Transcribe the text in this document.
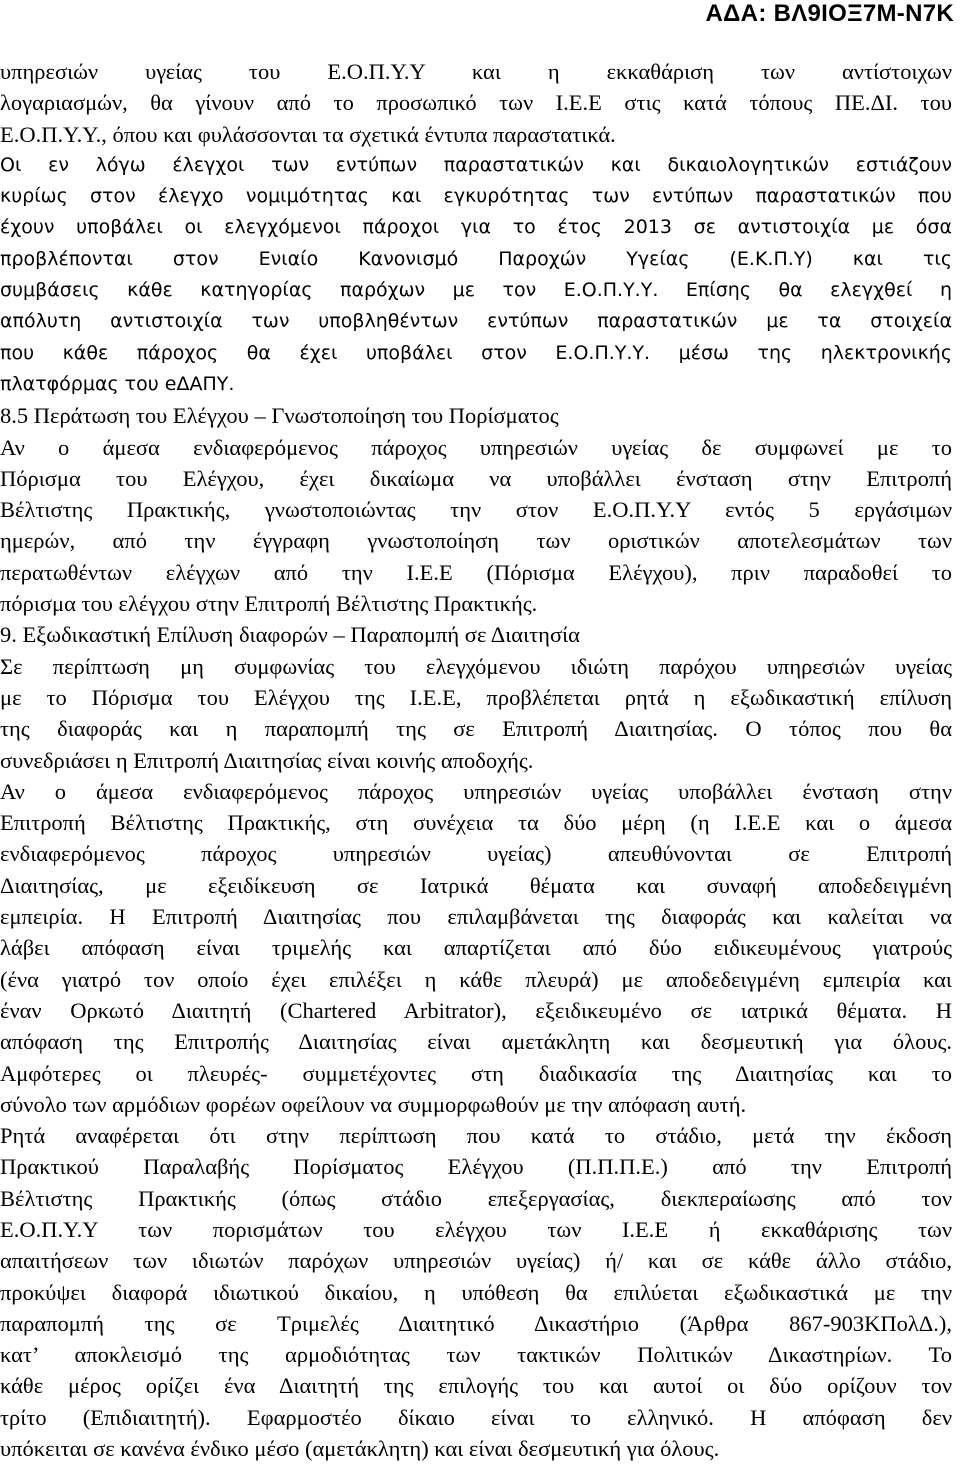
ΑΔΑ: ΒΛ9ΙΟΞ7Μ-Ν7Κ
υπηρεσιών υγείας του Ε.Ο.Π.Υ.Υ και η εκκαθάριση των αντίστοιχων
λογαριασμών, θα γίνουν από το προσωπικό των Ι.Ε.Ε στις κατά τόπους ΠΕ.ΔΙ. του
Ε.Ο.Π.Υ.Υ., όπου και φυλάσσονται τα σχετικά έντυπα παραστατικά.
Οι εν λόγω έλεγχοι των εντύπων παραστατικών και δικαιολογητικών εστιάζουν
κυρίως στον έλεγχο νομιμότητας και εγκυρότητας των εντύπων παραστατικών που
έχουν υποβάλει οι ελεγχόμενοι πάροχοι για το έτος 2013 σε αντιστοιχία με όσα
προβλέπονται στον Ενιαίο Κανονισμό Παροχών Υγείας (Ε.Κ.Π.Υ) και τις
συμβάσεις κάθε κατηγορίας παρόχων με τον Ε.Ο.Π.Υ.Υ. Επίσης θα ελεγχθεί η
απόλυτη αντιστοιχία των υποβληθέντων εντύπων παραστατικών με τα στοιχεία
που κάθε πάροχος θα έχει υποβάλει στον Ε.Ο.Π.Υ.Υ. μέσω της ηλεκτρονικής
πλατφόρμας του eΔΑΠΥ.
8.5 Περάτωση του Ελέγχου – Γνωστοποίηση του Πορίσματος
Αν ο άμεσα ενδιαφερόμενος πάροχος υπηρεσιών υγείας δε συμφωνεί με το
Πόρισμα του Ελέγχου, έχει δικαίωμα να υποβάλλει ένσταση στην Επιτροπή
Βέλτιστης Πρακτικής, γνωστοποιώντας την στον Ε.Ο.Π.Υ.Υ εντός 5 εργάσιμων
ημερών, από την έγγραφη γνωστοποίηση των οριστικών αποτελεσμάτων των
περατωθέντων ελέγχων από την Ι.Ε.Ε (Πόρισμα Ελέγχου), πριν παραδοθεί το
πόρισμα του ελέγχου στην Επιτροπή Βέλτιστης Πρακτικής.
9. Εξωδικαστική Επίλυση διαφορών – Παραπομπή σε Διαιτησία
Σε περίπτωση μη συμφωνίας του ελεγχόμενου ιδιώτη παρόχου υπηρεσιών υγείας
με το Πόρισμα του Ελέγχου της Ι.Ε.Ε, προβλέπεται ρητά η εξωδικαστική επίλυση
της διαφοράς και η παραπομπή της σε Επιτροπή Διαιτησίας. Ο τόπος που θα
συνεδριάσει η Επιτροπή Διαιτησίας είναι κοινής αποδοχής.
Αν ο άμεσα ενδιαφερόμενος πάροχος υπηρεσιών υγείας υποβάλλει ένσταση στην
Επιτροπή Βέλτιστης Πρακτικής, στη συνέχεια τα δύο μέρη (η Ι.Ε.Ε και ο άμεσα
ενδιαφερόμενος πάροχος υπηρεσιών υγείας) απευθύνονται σε Επιτροπή
Διαιτησίας, με εξειδίκευση σε Ιατρικά θέματα και συναφή αποδεδειγμένη
εμπειρία. Η Επιτροπή Διαιτησίας που επιλαμβάνεται της διαφοράς και καλείται να
λάβει απόφαση είναι τριμελής και απαρτίζεται από δύο ειδικευμένους γιατρούς
(ένα γιατρό τον οποίο έχει επιλέξει η κάθε πλευρά) με αποδεδειγμένη εμπειρία και
έναν Ορκωτό Διαιτητή (Chartered Arbitrator), εξειδικευμένο σε ιατρικά θέματα. Η
απόφαση της Επιτροπής Διαιτησίας είναι αμετάκλητη και δεσμευτική για όλους.
Αμφότερες οι πλευρές- συμμετέχοντες στη διαδικασία της Διαιτησίας και το
σύνολο των αρμόδιων φορέων οφείλουν να συμμορφωθούν με την απόφαση αυτή.
Ρητά αναφέρεται ότι στην περίπτωση που κατά το στάδιο, μετά την έκδοση
Πρακτικού Παραλαβής Πορίσματος Ελέγχου (Π.Π.Π.Ε.) από την Επιτροπή
Βέλτιστης Πρακτικής (όπως στάδιο επεξεργασίας, διεκπεραίωσης από τον
Ε.Ο.Π.Υ.Υ των πορισμάτων του ελέγχου των Ι.Ε.Ε ή εκκαθάρισης των
απαιτήσεων των ιδιωτών παρόχων υπηρεσιών υγείας) ή/ και σε κάθε άλλο στάδιο,
προκύψει διαφορά ιδιωτικού δικαίου, η υπόθεση θα επιλύεται εξωδικαστικά με την
παραπομπή της σε Τριμελές Διαιτητικό Δικαστήριο (Άρθρα 867-903ΚΠολΔ.),
κατ’ αποκλεισμό της αρμοδιότητας των τακτικών Πολιτικών Δικαστηρίων. Το
κάθε μέρος ορίζει ένα Διαιτητή της επιλογής του και αυτοί οι δύο ορίζουν τον
τρίτο (Επιδιαιτητή). Εφαρμοστέο δίκαιο είναι το ελληνικό. Η απόφαση δεν
υπόκειται σε κανένα ένδικο μέσο (αμετάκλητη) και είναι δεσμευτική για όλους.
